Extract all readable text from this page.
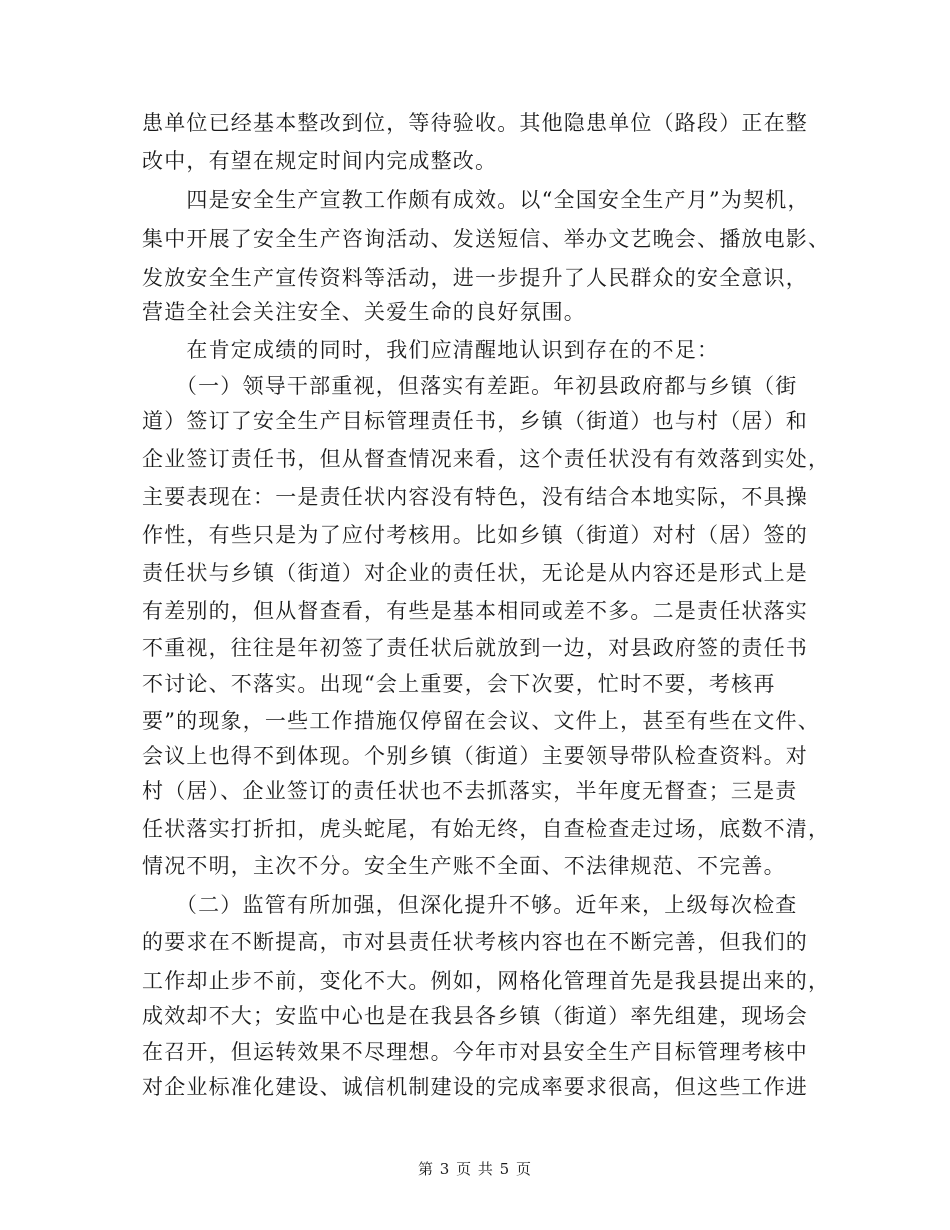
患单位已经基本整改到位，等待验收。其他隐患单位（路段）正在整
改中，有望在规定时间内完成整改。
　　四是安全生产宣教工作颇有成效。以“全国安全生产月”为契机，
集中开展了安全生产咨询活动、发送短信、举办文艺晚会、播放电影、
发放安全生产宣传资料等活动，进一步提升了人民群众的安全意识，
营造全社会关注安全、关爱生命的良好氛围。
　　在肯定成绩的同时，我们应清醒地认识到存在的不足：
　　（一）领导干部重视，但落实有差距。年初县政府都与乡镇（街
道）签订了安全生产目标管理责任书，乡镇（街道）也与村（居）和
企业签订责任书，但从督查情况来看，这个责任状没有有效落到实处，
主要表现在：一是责任状内容没有特色，没有结合本地实际，不具操
作性，有些只是为了应付考核用。比如乡镇（街道）对村（居）签的
责任状与乡镇（街道）对企业的责任状，无论是从内容还是形式上是
有差别的，但从督查看，有些是基本相同或差不多。二是责任状落实
不重视，往往是年初签了责任状后就放到一边，对县政府签的责任书
不讨论、不落实。出现“会上重要，会下次要，忙时不要，考核再
要”的现象，一些工作措施仅停留在会议、文件上，甚至有些在文件、
会议上也得不到体现。个别乡镇（街道）主要领导带队检查资料。对
村（居）、企业签订的责任状也不去抓落实，半年度无督查；三是责
任状落实打折扣，虎头蛇尾，有始无终，自查检查走过场，底数不清，
情况不明，主次不分。安全生产账不全面、不法律规范、不完善。
　　（二）监管有所加强，但深化提升不够。近年来，上级每次检查
的要求在不断提高，市对县责任状考核内容也在不断完善，但我们的
工作却止步不前，变化不大。例如，网格化管理首先是我县提出来的，
成效却不大；安监中心也是在我县各乡镇（街道）率先组建，现场会
在召开，但运转效果不尽理想。今年市对县安全生产目标管理考核中
对企业标准化建设、诚信机制建设的完成率要求很高，但这些工作进
第 3 页 共 5 页
